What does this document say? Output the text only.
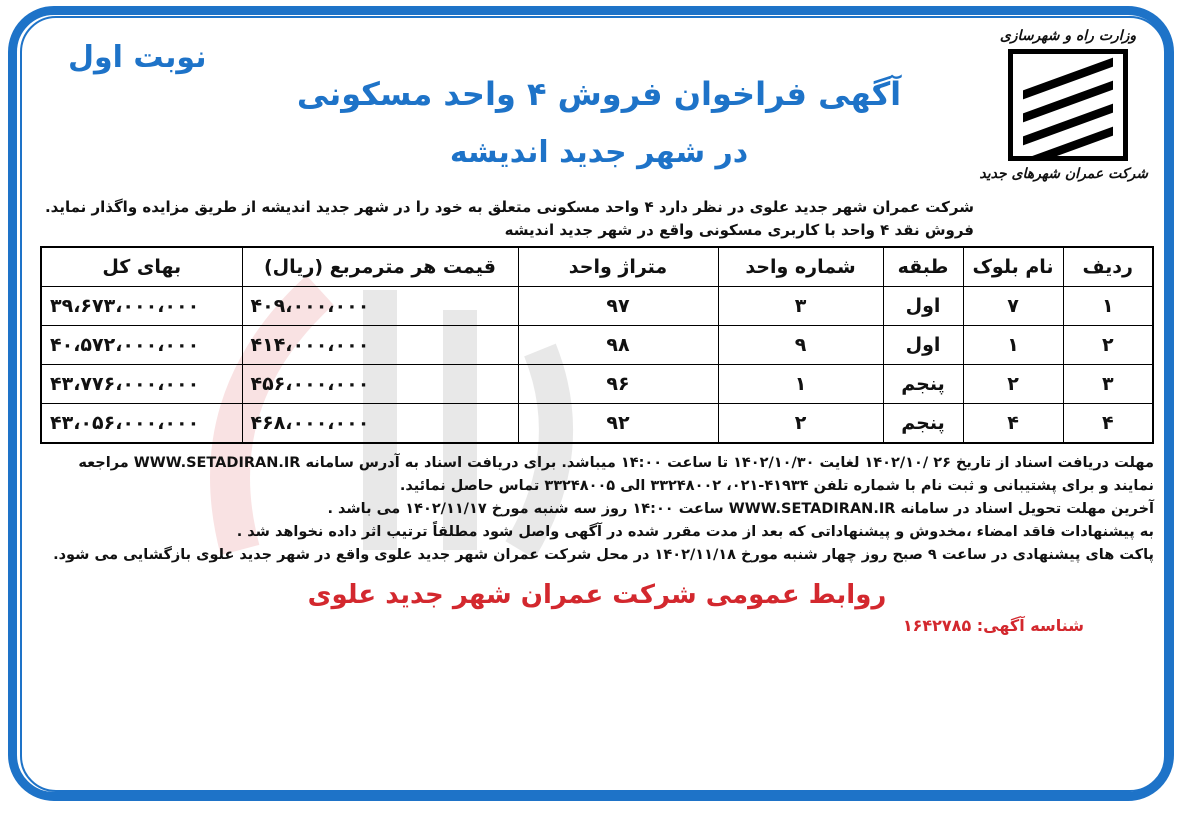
وزارت راه و شهرسازی
شرکت عمران شهرهای جدید
نوبت اول
آگهی فراخوان فروش ۴ واحد مسکونی
در شهر جدید اندیشه
شرکت عمران شهر جدید علوی در نظر دارد ۴ واحد مسکونی متعلق به خود را در شهر جدید اندیشه از طریق مزایده واگذار نماید.
فروش نقد ۴ واحد با کاربری مسکونی واقع در شهر جدید اندیشه
ردیف	نام بلوک	طبقه	شماره واحد	متراژ واحد	قیمت هر مترمربع (ریال)	بهای کل
۱	۷	اول	۳	۹۷	۴۰۹،۰۰۰،۰۰۰	۳۹،۶۷۳،۰۰۰،۰۰۰
۲	۱	اول	۹	۹۸	۴۱۴،۰۰۰،۰۰۰	۴۰،۵۷۲،۰۰۰،۰۰۰
۳	۲	پنجم	۱	۹۶	۴۵۶،۰۰۰،۰۰۰	۴۳،۷۷۶،۰۰۰،۰۰۰
۴	۴	پنجم	۲	۹۲	۴۶۸،۰۰۰،۰۰۰	۴۳،۰۵۶،۰۰۰،۰۰۰

مهلت دریافت اسناد از تاریخ ۲۶ /۱۴۰۲/۱۰ لغایت ۱۴۰۲/۱۰/۳۰ تا ساعت ۱۴:۰۰ میباشد. برای دریافت اسناد به آدرس سامانه WWW.SETADIRAN.IR مراجعه نمایند و برای پشتیبانی و ثبت نام با شماره تلفن ۴۱۹۳۴-۰۲۱، ۳۳۲۴۸۰۰۲ الی ۳۳۲۴۸۰۰۵ تماس حاصل نمائید.

آخرین مهلت تحویل اسناد در سامانه WWW.SETADIRAN.IR ساعت ۱۴:۰۰ روز سه شنبه مورخ ۱۴۰۲/۱۱/۱۷ می باشد .

به پیشنهادات فاقد امضاء ،مخدوش و پیشنهاداتی که بعد از مدت مقرر شده در آگهی واصل شود مطلقاً ترتیب اثر داده نخواهد شد .

پاکت های پیشنهادی در ساعت ۹ صبح روز چهار شنبه مورخ ۱۴۰۲/۱۱/۱۸ در محل شرکت عمران شهر جدید علوی واقع در شهر جدید علوی بازگشایی می شود.

روابط عمومی شرکت عمران شهر جدید علوی
شناسه آگهی: ۱۶۴۲۷۸۵
